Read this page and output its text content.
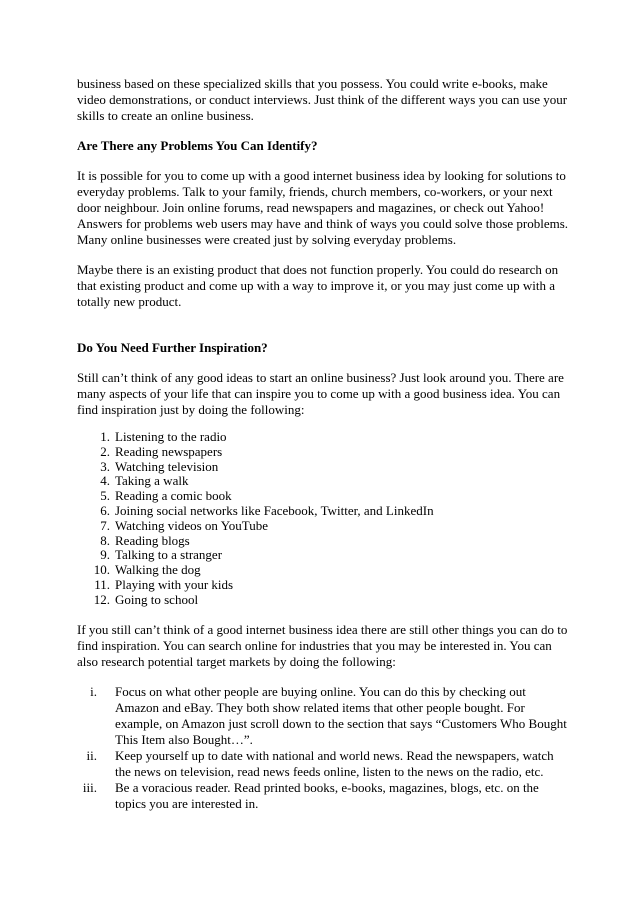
business based on these specialized skills that you possess. You could write e-books, make video demonstrations, or conduct interviews. Just think of the different ways you can use your skills to create an online business.

Are There any Problems You Can Identify?

It is possible for you to come up with a good internet business idea by looking for solutions to everyday problems. Talk to your family, friends, church members, co-workers, or your next door neighbour. Join online forums, read newspapers and magazines, or check out Yahoo! Answers for problems web users may have and think of ways you could solve those problems. Many online businesses were created just by solving everyday problems.

Maybe there is an existing product that does not function properly. You could do research on that existing product and come up with a way to improve it, or you may just come up with a totally new product.

Do You Need Further Inspiration?

Still can’t think of any good ideas to start an online business? Just look around you. There are many aspects of your life that can inspire you to come up with a good business idea. You can find inspiration just by doing the following:

1. Listening to the radio
2. Reading newspapers
3. Watching television
4. Taking a walk
5. Reading a comic book
6. Joining social networks like Facebook, Twitter, and LinkedIn
7. Watching videos on YouTube
8. Reading blogs
9. Talking to a stranger
10. Walking the dog
11. Playing with your kids
12. Going to school

If you still can’t think of a good internet business idea there are still other things you can do to find inspiration. You can search online for industries that you may be interested in. You can also research potential target markets by doing the following:

i. Focus on what other people are buying online. You can do this by checking out Amazon and eBay. They both show related items that other people bought. For example, on Amazon just scroll down to the section that says “Customers Who Bought This Item also Bought…”.
ii. Keep yourself up to date with national and world news. Read the newspapers, watch the news on television, read news feeds online, listen to the news on the radio, etc.
iii. Be a voracious reader. Read printed books, e-books, magazines, blogs, etc. on the topics you are interested in.
